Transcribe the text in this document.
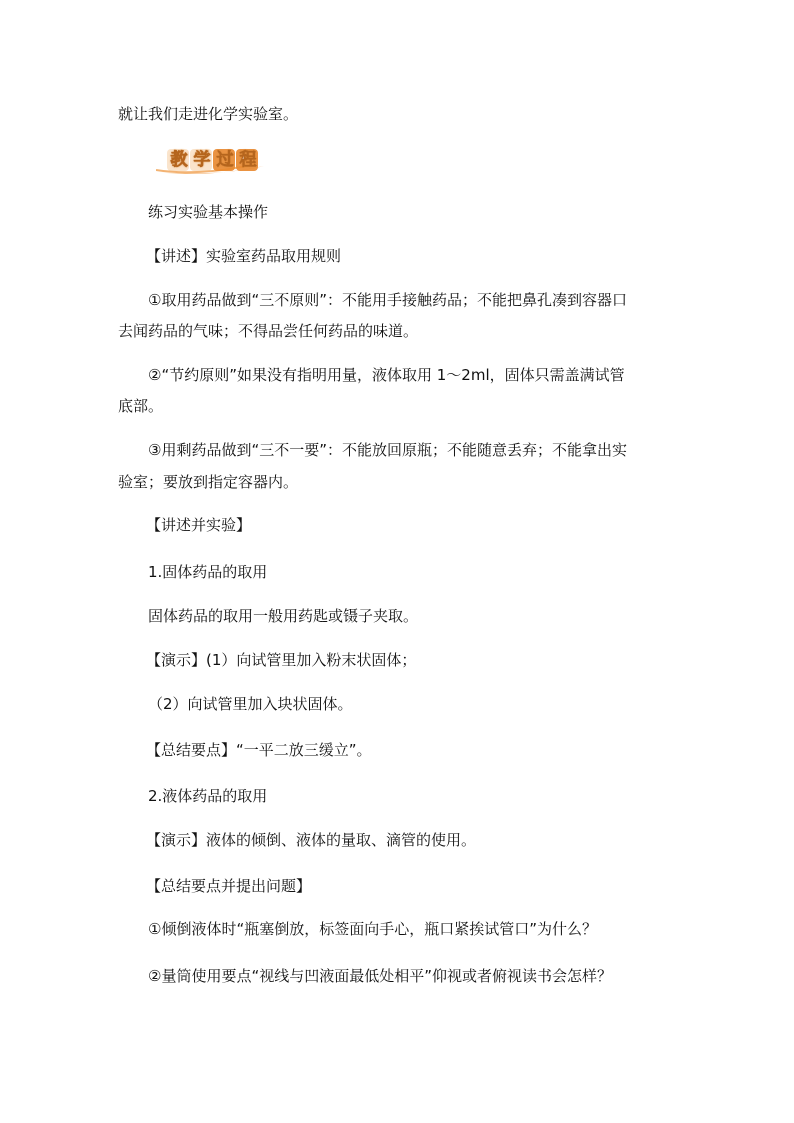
就让我们走进化学实验室。
教 学 过 程
练习实验基本操作
【讲述】实验室药品取用规则
①取用药品做到“三不原则”：不能用手接触药品；不能把鼻孔凑到容器口
去闻药品的气味；不得品尝任何药品的味道。
②“节约原则”如果没有指明用量，液体取用 1～2ml，固体只需盖满试管
底部。
③用剩药品做到“三不一要”：不能放回原瓶；不能随意丢弃；不能拿出实
验室；要放到指定容器内。
【讲述并实验】
1.固体药品的取用
固体药品的取用一般用药匙或镊子夹取。
【演示】(1）向试管里加入粉末状固体；
（2）向试管里加入块状固体。
【总结要点】“一平二放三缓立”。
2.液体药品的取用
【演示】液体的倾倒、液体的量取、滴管的使用。
【总结要点并提出问题】
①倾倒液体时“瓶塞倒放，标签面向手心，瓶口紧挨试管口”为什么？
②量筒使用要点“视线与凹液面最低处相平”仰视或者俯视读书会怎样？
